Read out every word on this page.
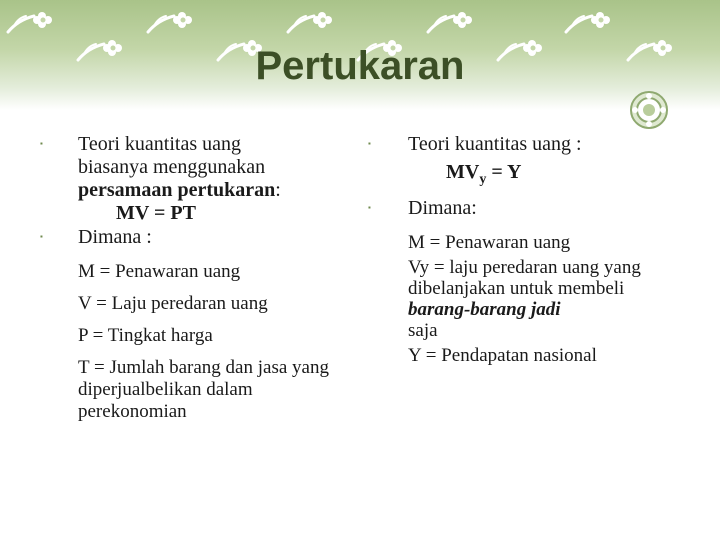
Pertukaran
▪ Teori kuantitas uang
biasanya menggunakan
persamaan pertukaran:

MV = PT
▪ Dimana :
M = Penawaran uang
V = Laju peredaran uang
P = Tingkat harga
T = Jumlah barang dan jasa yang diperjualbelikan dalam perekonomian
▪ Teori kuantitas uang :

$MV_y = Y$
▪ Dimana:
M = Penawaran uang
Vy = laju peredaran uang yang dibelanjakan untuk membeli barang-barang jadi
saja
Y = Pendapatan nasional
